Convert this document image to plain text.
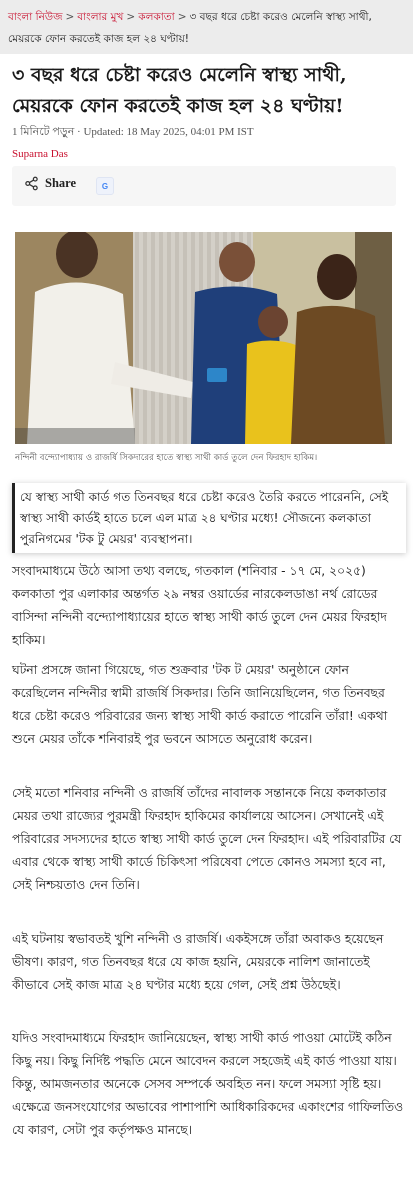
বাংলা নিউজ > বাংলার মুখ > কলকাতা > ৩ বছর ধরে চেষ্টা করেও মেলেনি স্বাস্থ্য সাথী, মেয়রকে ফোন করতেই কাজ হল ২৪ ঘণ্টায়!
৩ বছর ধরে চেষ্টা করেও মেলেনি স্বাস্থ্য সাথী, মেয়রকে ফোন করতেই কাজ হল ২৪ ঘণ্টায়!
1 মিনিটে পড়ুন · Updated: 18 May 2025, 04:01 PM IST
Suparna Das
Share	G
নন্দিনী বন্দ্যোপাধ্যায় ও রাজর্ষি সিকদারের হাতে স্বাস্থ্য সাথী কার্ড তুলে দেন ফিরহাদ হাকিম।

যে স্বাস্থ্য সাথী কার্ড গত তিনবছর ধরে চেষ্টা করেও তৈরি করতে পারেননি, সেই স্বাস্থ্য সাথী কার্ডই হাতে চলে এল মাত্র ২৪ ঘণ্টার মধ্যে! সৌজন্যে কলকাতা পুরনিগমের 'টক টু মেয়র' ব্যবস্থাপনা।

সংবাদমাধ্যমে উঠে আসা তথ্য বলছে, গতকাল (শনিবার - ১৭ মে, ২০২৫) কলকাতা পুর এলাকার অন্তর্গত ২৯ নম্বর ওয়ার্ডের নারকেলডাঙা নর্থ রোডের বাসিন্দা নন্দিনী বন্দ্যোপাধ্যায়ের হাতে স্বাস্থ্য সাথী কার্ড তুলে দেন মেয়র ফিরহাদ হাকিম।

ঘটনা প্রসঙ্গে জানা গিয়েছে, গত শুক্রবার 'টক ট মেয়র' অনুষ্ঠানে ফোন করেছিলেন নন্দিনীর স্বামী রাজর্ষি সিকদার। তিনি জানিয়েছিলেন, গত তিনবছর ধরে চেষ্টা করেও পরিবারের জন্য স্বাস্থ্য সাথী কার্ড করাতে পারেনি তাঁরা! একথা শুনে মেয়র তাঁকে শনিবারই পুর ভবনে আসতে অনুরোধ করেন।

সেই মতো শনিবার নন্দিনী ও রাজর্ষি তাঁদের নাবালক সন্তানকে নিয়ে কলকাতার মেয়র তথা রাজ্যের পুরমন্ত্রী ফিরহাদ হাকিমের কার্যালয়ে আসেন। সেখানেই এই পরিবারের সদস্যদের হাতে স্বাস্থ্য সাথী কার্ড তুলে দেন ফিরহাদ। এই পরিবারটির যে এবার থেকে স্বাস্থ্য সাথী কার্ডে চিকিৎসা পরিষেবা পেতে কোনও সমস্যা হবে না, সেই নিশ্চয়তাও দেন তিনি।

এই ঘটনায় স্বভাবতই খুশি নন্দিনী ও রাজর্ষি। একইসঙ্গে তাঁরা অবাকও হয়েছেন ভীষণ। কারণ, গত তিনবছর ধরে যে কাজ হয়নি, মেয়রকে নালিশ জানাতেই কীভাবে সেই কাজ মাত্র ২৪ ঘণ্টার মধ্যে হয়ে গেল, সেই প্রশ্ন উঠছেই।

যদিও সংবাদমাধ্যমে ফিরহাদ জানিয়েছেন, স্বাস্থ্য সাথী কার্ড পাওয়া মোটেই কঠিন কিছু নয়। কিছু নির্দিষ্ট পদ্ধতি মেনে আবেদন করলে সহজেই এই কার্ড পাওয়া যায়। কিন্তু, আমজনতার অনেকে সেসব সম্পর্কে অবহিত নন। ফলে সমস্যা সৃষ্টি হয়। এক্ষেত্রে জনসংযোগের অভাবের পাশাপাশি আধিকারিকদের একাংশের গাফিলতিও যে কারণ, সেটা পুর কর্তৃপক্ষও মানছে।
